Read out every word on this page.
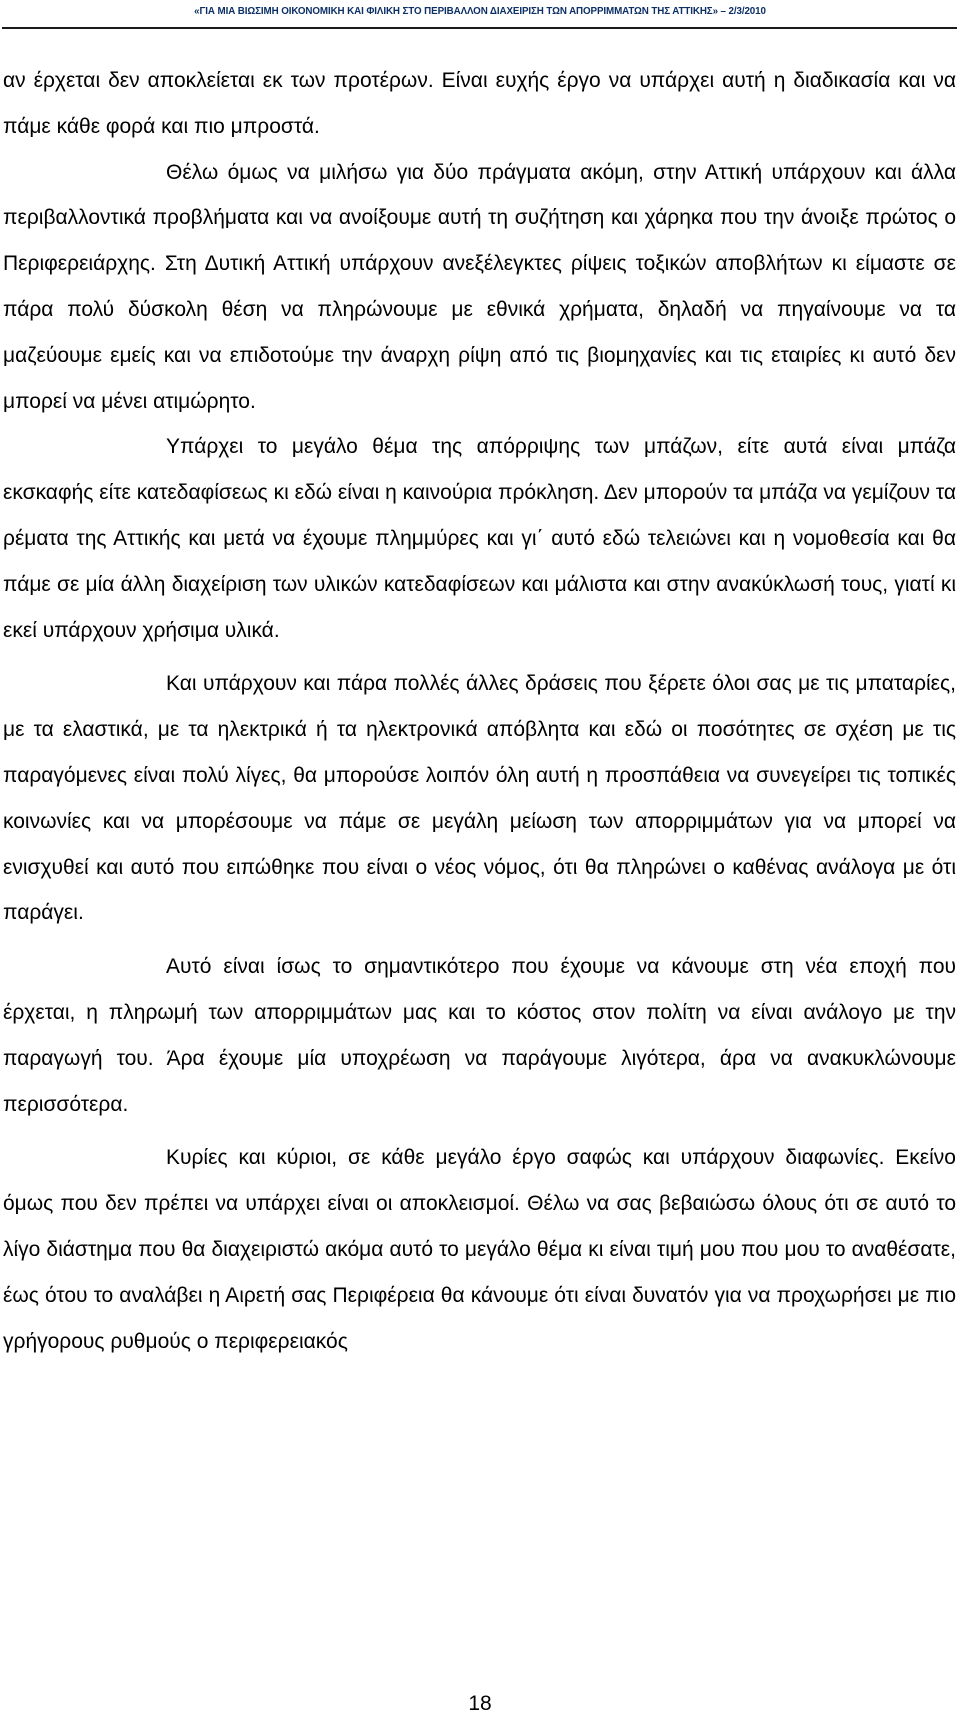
«ΓΙΑ ΜΙΑ ΒΙΩΣΙΜΗ ΟΙΚΟΝΟΜΙΚΗ ΚΑΙ ΦΙΛΙΚΗ ΣΤΟ ΠΕΡΙΒΑΛΛΟΝ ΔΙΑΧΕΙΡΙΣΗ ΤΩΝ ΑΠΟΡΡΙΜΜΑΤΩΝ ΤΗΣ ΑΤΤΙΚΗΣ» – 2/3/2010

αν έρχεται δεν αποκλείεται εκ των προτέρων. Είναι ευχής έργο να υπάρχει αυτή η διαδικασία και να πάμε κάθε φορά και πιο μπροστά.

Θέλω όμως να μιλήσω για δύο πράγματα ακόμη, στην Αττική υπάρχουν και άλλα περιβαλλοντικά προβλήματα και να ανοίξουμε αυτή τη συζήτηση και χάρηκα που την άνοιξε πρώτος ο Περιφερειάρχης. Στη Δυτική Αττική υπάρχουν ανεξέλεγκτες ρίψεις τοξικών αποβλήτων κι είμαστε σε πάρα πολύ δύσκολη θέση να πληρώνουμε με εθνικά χρήματα, δηλαδή να πηγαίνουμε να τα μαζεύουμε εμείς και να επιδοτούμε την άναρχη ρίψη από τις βιομηχανίες και τις εταιρίες κι αυτό δεν μπορεί να μένει ατιμώρητο.

Υπάρχει το μεγάλο θέμα της απόρριψης των μπάζων, είτε αυτά είναι μπάζα εκσκαφής είτε κατεδαφίσεως κι εδώ είναι η καινούρια πρόκληση. Δεν μπορούν τα μπάζα να γεμίζουν τα ρέματα της Αττικής και μετά να έχουμε πλημμύρες και γι΄ αυτό εδώ τελειώνει και η νομοθεσία και θα πάμε σε μία άλλη διαχείριση των υλικών κατεδαφίσεων και μάλιστα και στην ανακύκλωσή τους, γιατί κι εκεί υπάρχουν χρήσιμα υλικά.

Και υπάρχουν και πάρα πολλές άλλες δράσεις που ξέρετε όλοι σας με τις μπαταρίες, με τα ελαστικά, με τα ηλεκτρικά ή τα ηλεκτρονικά απόβλητα και εδώ οι ποσότητες σε σχέση με τις παραγόμενες είναι πολύ λίγες, θα μπορούσε λοιπόν όλη αυτή η προσπάθεια να συνεγείρει τις τοπικές κοινωνίες και να μπορέσουμε να πάμε σε μεγάλη μείωση των απορριμμάτων για να μπορεί να ενισχυθεί και αυτό που ειπώθηκε που είναι ο νέος νόμος, ότι θα πληρώνει ο καθένας ανάλογα με ότι παράγει.

Αυτό είναι ίσως το σημαντικότερο που έχουμε να κάνουμε στη νέα εποχή που έρχεται, η πληρωμή των απορριμμάτων μας και το κόστος στον πολίτη να είναι ανάλογο με την παραγωγή του. Άρα έχουμε μία υποχρέωση να παράγουμε λιγότερα, άρα να ανακυκλώνουμε περισσότερα.

Κυρίες και κύριοι, σε κάθε μεγάλο έργο σαφώς και υπάρχουν διαφωνίες. Εκείνο όμως που δεν πρέπει να υπάρχει είναι οι αποκλεισμοί. Θέλω να σας βεβαιώσω όλους ότι σε αυτό το λίγο διάστημα που θα διαχειριστώ ακόμα αυτό το μεγάλο θέμα κι είναι τιμή μου που μου το αναθέσατε, έως ότου το αναλάβει η Αιρετή σας Περιφέρεια θα κάνουμε ότι είναι δυνατόν για να προχωρήσει με πιο γρήγορους ρυθμούς ο περιφερειακός

18
